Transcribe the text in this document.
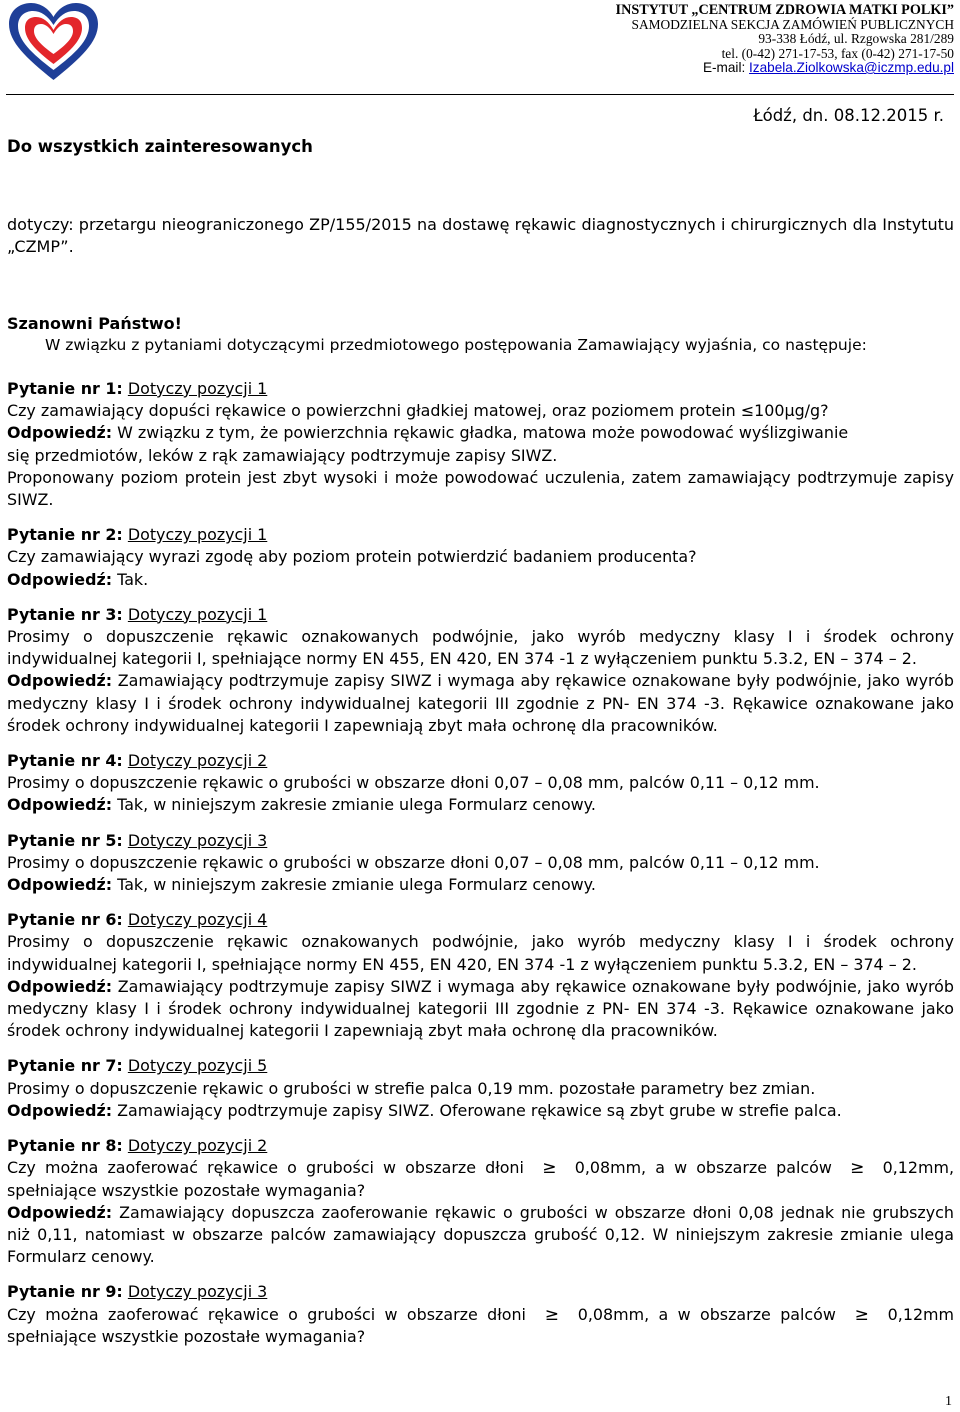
INSTYTUT „CENTRUM ZDROWIA MATKI POLKI”
SAMODZIELNA SEKCJA ZAMÓWIEŃ PUBLICZNYCH
93-338 Łódź, ul. Rzgowska 281/289
tel. (0-42) 271-17-53, fax (0-42) 271-17-50
E-mail: Izabela.Ziolkowska@iczmp.edu.pl
Łódź, dn. 08.12.2015 r.
Do wszystkich zainteresowanych
dotyczy: przetargu nieograniczonego ZP/155/2015 na dostawę rękawic diagnostycznych i chirurgicznych dla Instytutu „CZMP”.
Szanowni Państwo!
W związku z pytaniami dotyczącymi przedmiotowego postępowania Zamawiający wyjaśnia, co następuje:
Pytanie nr 1: Dotyczy pozycji 1
Czy zamawiający dopuści rękawice o powierzchni gładkiej matowej, oraz poziomem protein ≤100μg/g?
Odpowiedź: W związku z tym, że powierzchnia rękawic gładka, matowa może powodować wyślizgiwanie
się przedmiotów, leków z rąk zamawiający podtrzymuje zapisy SIWZ.
Proponowany poziom protein jest zbyt wysoki i może powodować uczulenia, zatem zamawiający podtrzymuje zapisy SIWZ.
Pytanie nr 2: Dotyczy pozycji 1
Czy zamawiający wyrazi zgodę aby poziom protein potwierdzić badaniem producenta?
Odpowiedź: Tak.
Pytanie nr 3: Dotyczy pozycji 1
Prosimy o dopuszczenie rękawic oznakowanych podwójnie, jako wyrób medyczny klasy I i środek ochrony indywidualnej kategorii I, spełniające normy EN 455, EN 420, EN 374 -1 z wyłączeniem punktu 5.3.2, EN – 374 – 2.
Odpowiedź: Zamawiający podtrzymuje zapisy SIWZ i wymaga aby rękawice oznakowane były podwójnie, jako wyrób medyczny klasy I i środek ochrony indywidualnej kategorii III zgodnie z PN- EN 374 -3. Rękawice oznakowane jako środek ochrony indywidualnej kategorii I zapewniają zbyt mała ochronę dla pracowników.
Pytanie nr 4: Dotyczy pozycji 2
Prosimy o dopuszczenie rękawic o grubości w obszarze dłoni 0,07 – 0,08 mm, palców 0,11 – 0,12 mm.
Odpowiedź: Tak, w niniejszym zakresie zmianie ulega Formularz cenowy.
Pytanie nr 5: Dotyczy pozycji 3
Prosimy o dopuszczenie rękawic o grubości w obszarze dłoni 0,07 – 0,08 mm, palców 0,11 – 0,12 mm.
Odpowiedź: Tak, w niniejszym zakresie zmianie ulega Formularz cenowy.
Pytanie nr 6: Dotyczy pozycji 4
Prosimy o dopuszczenie rękawic oznakowanych podwójnie, jako wyrób medyczny klasy I i środek ochrony indywidualnej kategorii I, spełniające normy EN 455, EN 420, EN 374 -1 z wyłączeniem punktu 5.3.2, EN – 374 – 2.
Odpowiedź: Zamawiający podtrzymuje zapisy SIWZ i wymaga aby rękawice oznakowane były podwójnie, jako wyrób medyczny klasy I i środek ochrony indywidualnej kategorii III zgodnie z PN- EN 374 -3. Rękawice oznakowane jako środek ochrony indywidualnej kategorii I zapewniają zbyt mała ochronę dla pracowników.
Pytanie nr 7: Dotyczy pozycji 5
Prosimy o dopuszczenie rękawic o grubości w strefie palca 0,19 mm. pozostałe parametry bez zmian.
Odpowiedź: Zamawiający podtrzymuje zapisy SIWZ. Oferowane rękawice są zbyt grube w strefie palca.
Pytanie nr 8: Dotyczy pozycji 2
Czy można zaoferować rękawice o grubości w obszarze dłoni ≥ 0,08mm, a w obszarze palców ≥ 0,12mm, spełniające wszystkie pozostałe wymagania?
Odpowiedź: Zamawiający dopuszcza zaoferowanie rękawic o grubości w obszarze dłoni 0,08 jednak nie grubszych niż 0,11, natomiast w obszarze palców zamawiający dopuszcza grubość 0,12. W niniejszym zakresie zmianie ulega Formularz cenowy.
Pytanie nr 9: Dotyczy pozycji 3
Czy można zaoferować rękawice o grubości w obszarze dłoni ≥ 0,08mm, a w obszarze palców ≥ 0,12mm spełniające wszystkie pozostałe wymagania?
1
